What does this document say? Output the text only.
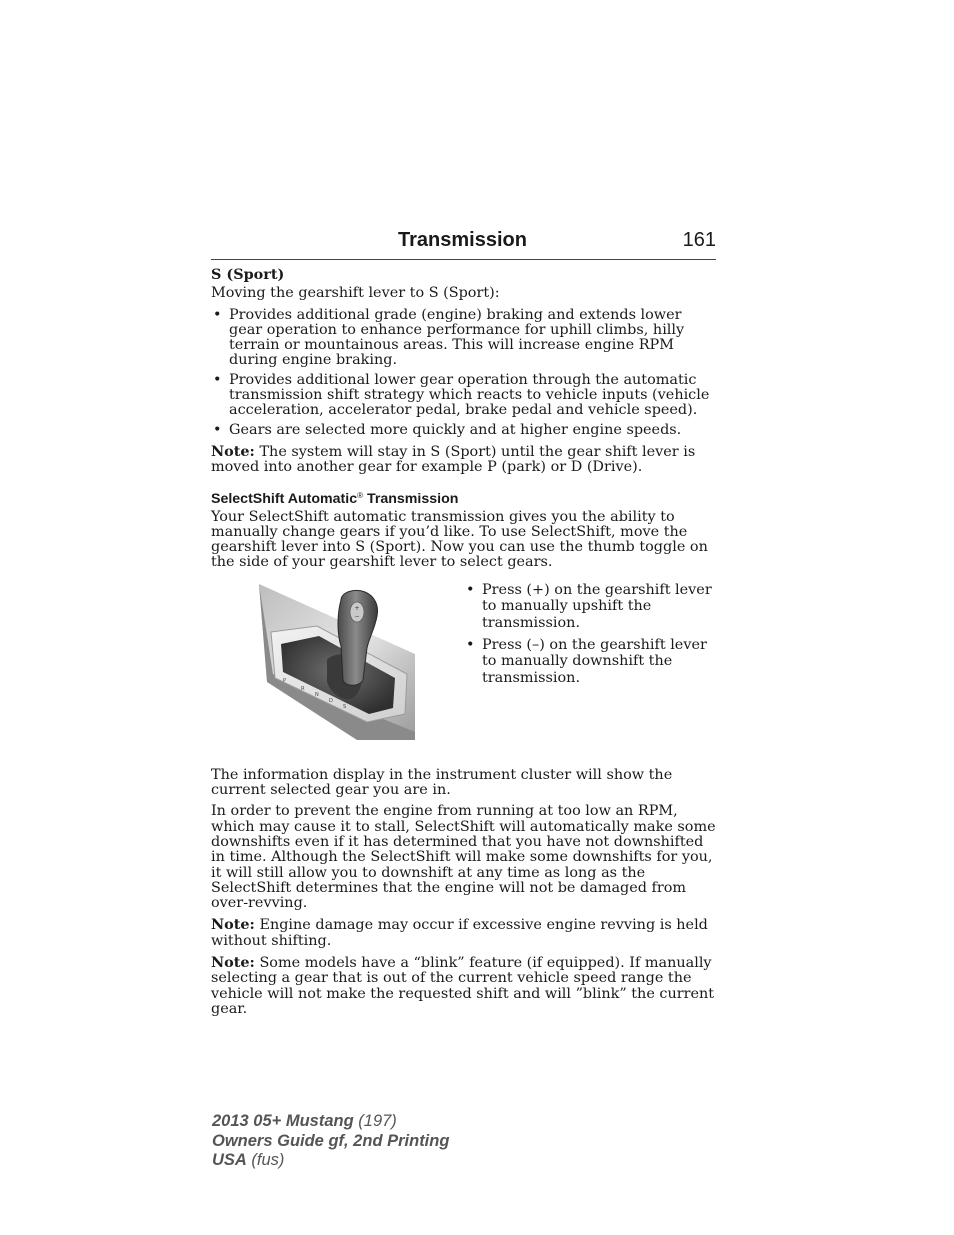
Transmission	161
S (Sport)

Moving the gearshift lever to S (Sport):

• Provides additional grade (engine) braking and extends lower gear operation to enhance performance for uphill climbs, hilly terrain or mountainous areas. This will increase engine RPM during engine braking.
• Provides additional lower gear operation through the automatic transmission shift strategy which reacts to vehicle inputs (vehicle acceleration, accelerator pedal, brake pedal and vehicle speed).
• Gears are selected more quickly and at higher engine speeds.

Note: The system will stay in S (Sport) until the gear shift lever is moved into another gear for example P (park) or D (Drive).

SelectShift Automatic® Transmission

Your SelectShift automatic transmission gives you the ability to manually change gears if you’d like. To use SelectShift, move the gearshift lever into S (Sport). Now you can use the thumb toggle on the side of your gearshift lever to select gears.

+
−
P
R
N
D
S
• Press (+) on the gearshift lever to manually upshift the transmission.
• Press (–) on the gearshift lever to manually downshift the transmission.

The information display in the instrument cluster will show the current selected gear you are in.

In order to prevent the engine from running at too low an RPM, which may cause it to stall, SelectShift will automatically make some downshifts even if it has determined that you have not downshifted in time. Although the SelectShift will make some downshifts for you, it will still allow you to downshift at any time as long as the SelectShift determines that the engine will not be damaged from over-revving.

Note: Engine damage may occur if excessive engine revving is held without shifting.

Note: Some models have a “blink” feature (if equipped). If manually selecting a gear that is out of the current vehicle speed range the vehicle will not make the requested shift and will ”blink” the current gear.

2013 05+ Mustang (197)
Owners Guide gf, 2nd Printing
USA (fus)
